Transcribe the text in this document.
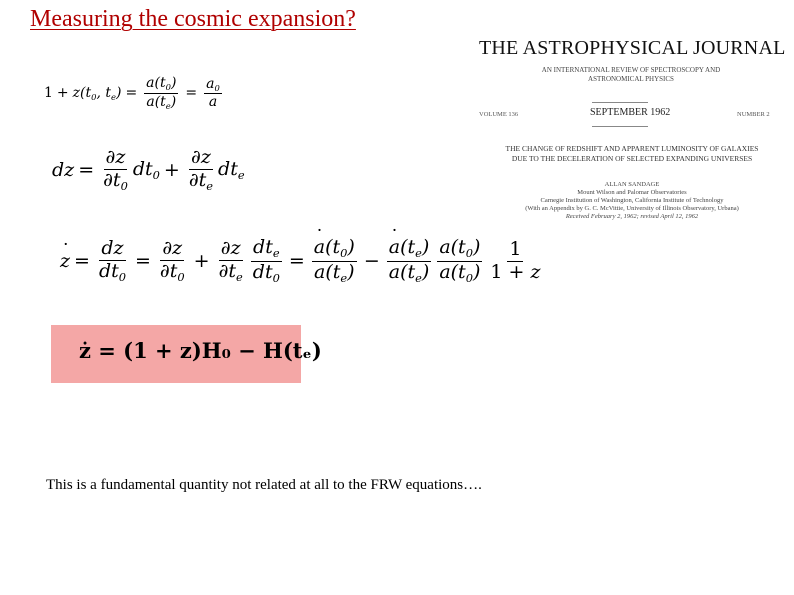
Measuring the cosmic expansion?
$1 + z(t_0$, $t_e) = \frac{a(t_0)}{a(t_e)} = \frac{a_0}{a}$
dz = $\frac{\partial z}{\partial t_0} dt_0 + \frac{\partial z}{\partial t_e} dt_e$
z ˙ = $\frac{dz}{dt_0} = \frac{\partial z}{\partial t_0} + \frac{\partial z}{\partial t_e} \frac{dt_e}{dt_0} = \frac{a ˙(t_0)}{a(t_e)} - \frac{a ˙(t_e)}{a(t_e)} \frac{a(t_0)}{a(t_0)} \frac{1}{1 + z}$
ż = (1 + z)H₀ − H(tₑ)
This is a fundamental quantity not related at all to the FRW equations….
THE ASTROPHYSICAL JOURNAL
AN INTERNATIONAL REVIEW OF SPECTROSCOPY AND ASTRONOMICAL PHYSICS
VOLUME 136	SEPTEMBER 1962	NUMBER 2
THE CHANGE OF REDSHIFT AND APPARENT LUMINOSITY OF GALAXIES DUE TO THE DECELERATION OF SELECTED EXPANDING UNIVERSES
ALLAN SANDAGE
Mount Wilson and Palomar Observatories
Carnegie Institution of Washington, California Institute of Technology
(With an Appendix by G. C. McVittie, University of Illinois Observatory, Urbana)
Received February 2, 1962; revised April 12, 1962
